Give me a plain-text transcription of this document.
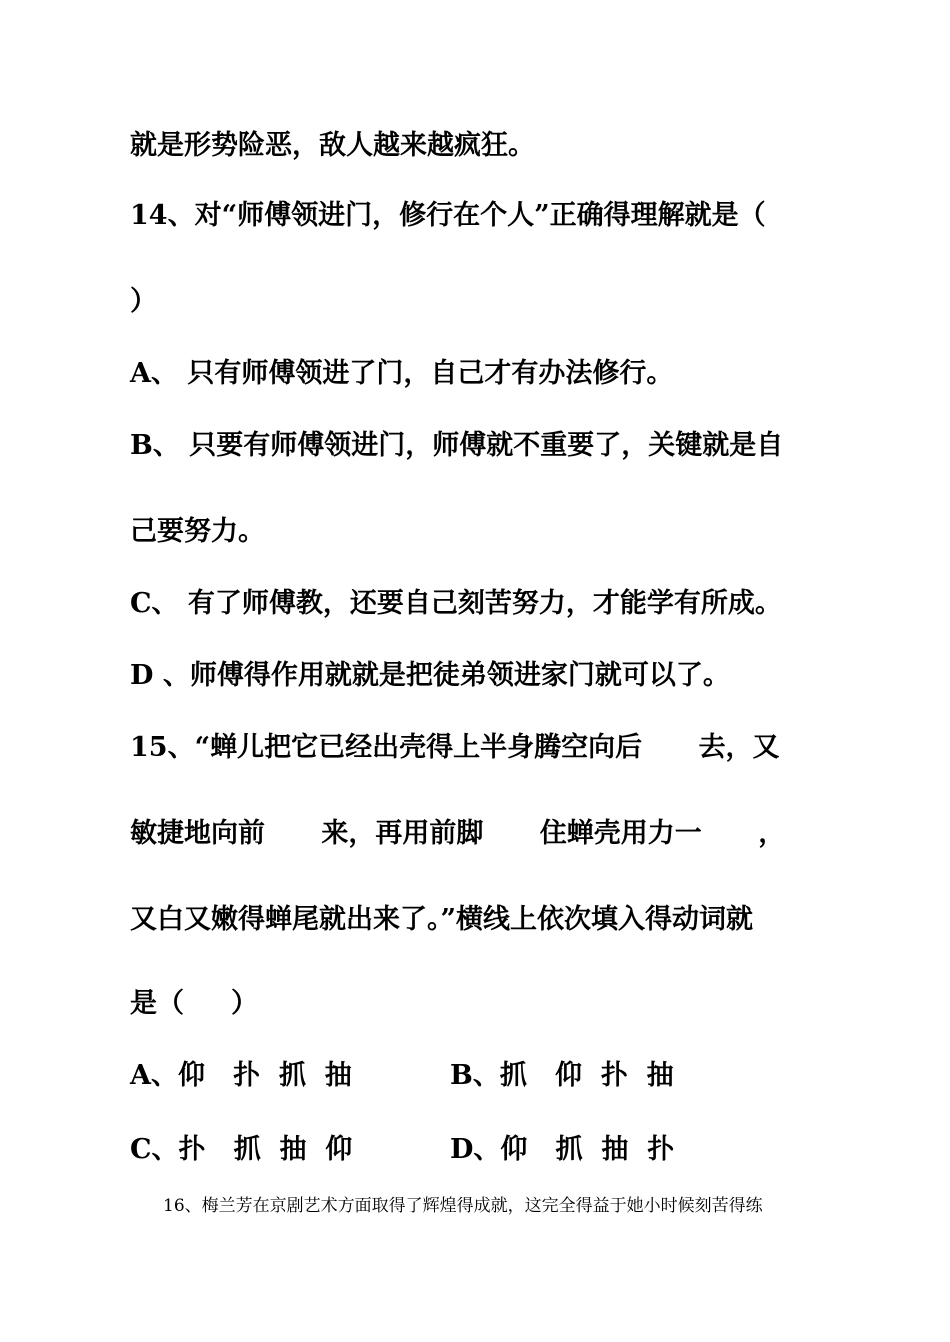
就是形势险恶，敌人越来越疯狂。
14、对“师傅领进门，修行在个人”正确得理解就是（
）
A、 只有师傅领进了门，自己才有办法修行。
B、 只要有师傅领进门，师傅就不重要了，关键就是自
己要努力。
C、 有了师傅教，还要自己刻苦努力，才能学有所成。
D 、师傅得作用就就是把徒弟领进家门就可以了。
15、“蝉儿把它已经出壳得上半身腾空向后      去，又
敏捷地向前      来，再用前脚      住蝉壳用力一      ，
又白又嫩得蝉尾就出来了。”横线上依次填入得动词就
是（     ）
A、仰   扑  抓  抽	B、抓   仰  扑  抽
C、扑   抓  抽  仰	D、仰   抓  抽  扑
16、梅兰芳在京剧艺术方面取得了辉煌得成就，这完全得益于她小时候刻苦得练
